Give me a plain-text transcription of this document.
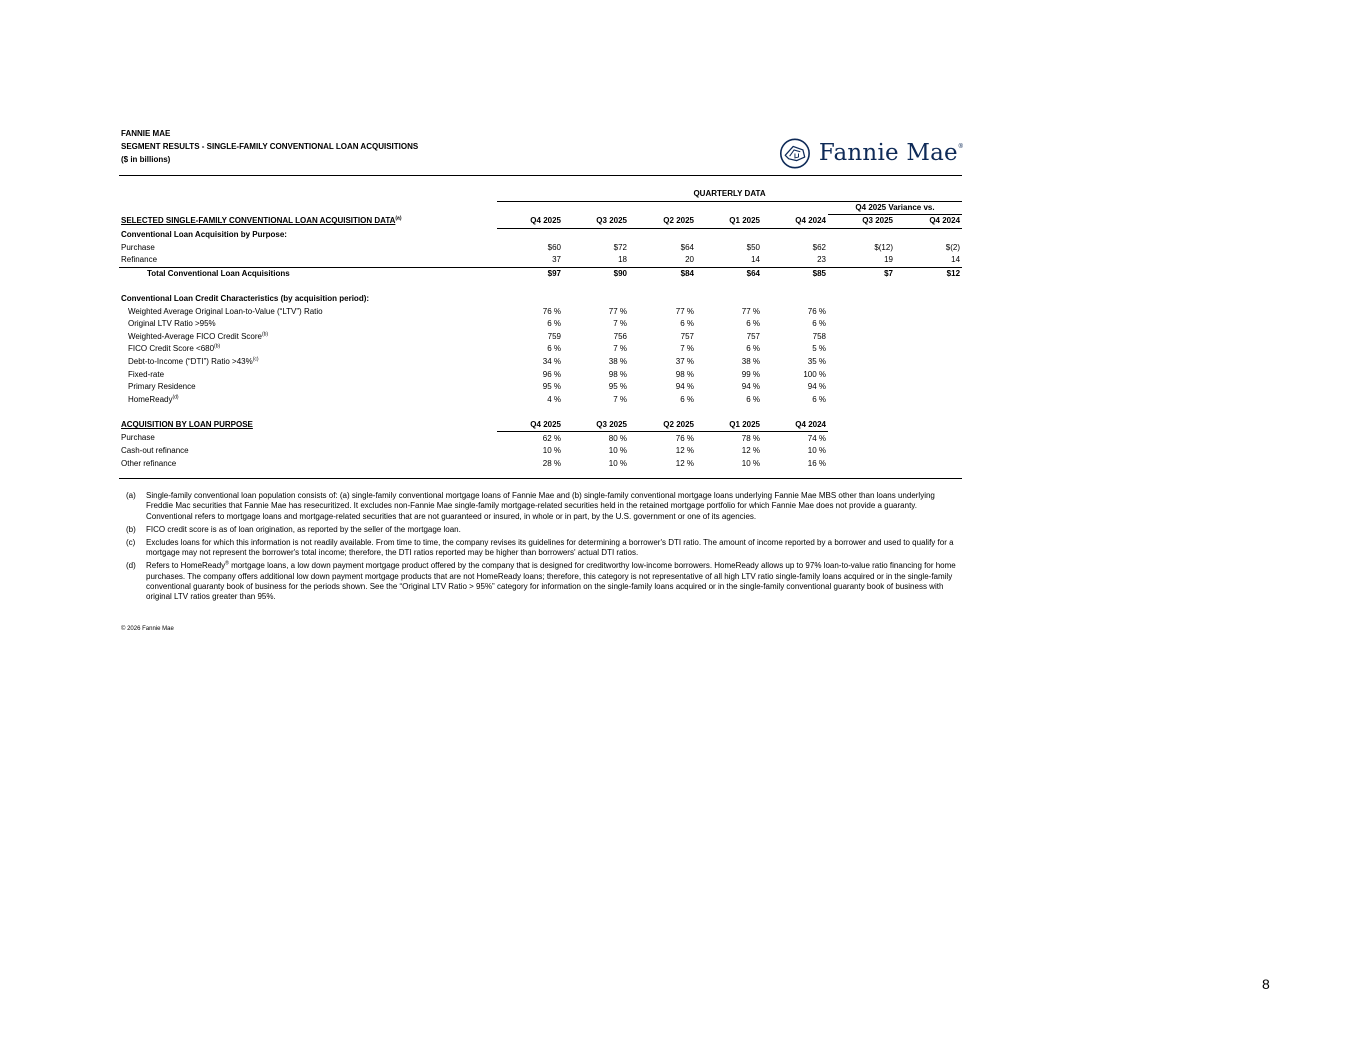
FANNIE MAE
SEGMENT RESULTS - SINGLE-FAMILY CONVENTIONAL LOAN ACQUISITIONS
($ in billions)	Fannie Mae®
	QUARTERLY DATA						
						Q4 2025 Variance vs.	
SELECTED SINGLE-FAMILY CONVENTIONAL LOAN ACQUISITION DATA$^{(a)}$	Q4 2025	Q3 2025	Q2 2025	Q1 2025	Q4 2024	Q3 2025	Q4 2024
Conventional Loan Acquisition by Purpose:							
Purchase	$60	$72	$64	$50	$62	$(12)	$(2)
Refinance	37	18	20	14	23	19	14
Total Conventional Loan Acquisitions	$97	$90	$84	$64	$85	$7	$12

Conventional Loan Credit Characteristics (by acquisition period):							
Weighted Average Original Loan-to-Value (“LTV”) Ratio	76 %	77 %	77 %	77 %	76 %		
Original LTV Ratio >95%	6 %	7 %	6 %	6 %	6 %		
Weighted-Average FICO Credit Score$^{(b)}$	759	756	757	757	758		
FICO Credit Score $<680^{(b)}$	6 %	7 %	7 %	6 %	5 %		
Debt-to-Income (“DTI”) Ratio >43%$^{(c)}$	34 %	38 %	37 %	38 %	35 %		
Fixed-rate	96 %	98 %	98 %	99 %	100 %		
Primary Residence	95 %	95 %	94 %	94 %	94 %		
HomeReady$^{(d)}$	4 %	7 %	6 %	6 %	6 %		

ACQUISITION BY LOAN PURPOSE	Q4 2025	Q3 2025	Q2 2025	Q1 2025	Q4 2024		
Purchase	62 %	80 %	76 %	78 %	74 %		
Cash-out refinance	10 %	10 %	12 %	12 %	10 %		
Other refinance	28 %	10 %	12 %	10 %	16 %		
(a)	Single-family conventional loan population consists of: (a) single-family conventional mortgage loans of Fannie Mae and (b) single-family conventional mortgage loans underlying Fannie Mae MBS other than loans underlying Freddie Mac securities that Fannie Mae has resecuritized. It excludes non-Fannie Mae single-family mortgage-related securities held in the retained mortgage portfolio for which Fannie Mae does not provide a guaranty. Conventional refers to mortgage loans and mortgage-related securities that are not guaranteed or insured, in whole or in part, by the U.S. government or one of its agencies.
(b)	FICO credit score is as of loan origination, as reported by the seller of the mortgage loan.
(c)	Excludes loans for which this information is not readily available. From time to time, the company revises its guidelines for determining a borrower's DTI ratio. The amount of income reported by a borrower and used to qualify for a mortgage may not represent the borrower's total income; therefore, the DTI ratios reported may be higher than borrowers' actual DTI ratios.
(d)	Refers to HomeReady® mortgage loans, a low down payment mortgage product offered by the company that is designed for creditworthy low-income borrowers. HomeReady allows up to 97% loan-to-value ratio financing for home purchases. The company offers additional low down payment mortgage products that are not HomeReady loans; therefore, this category is not representative of all high LTV ratio single-family loans acquired or in the single-family conventional guaranty book of business for the periods shown. See the “Original LTV Ratio > 95%” category for information on the single-family loans acquired or in the single-family conventional guaranty book of business with original LTV ratios greater than 95%.
© 2026 Fannie Mae
8
